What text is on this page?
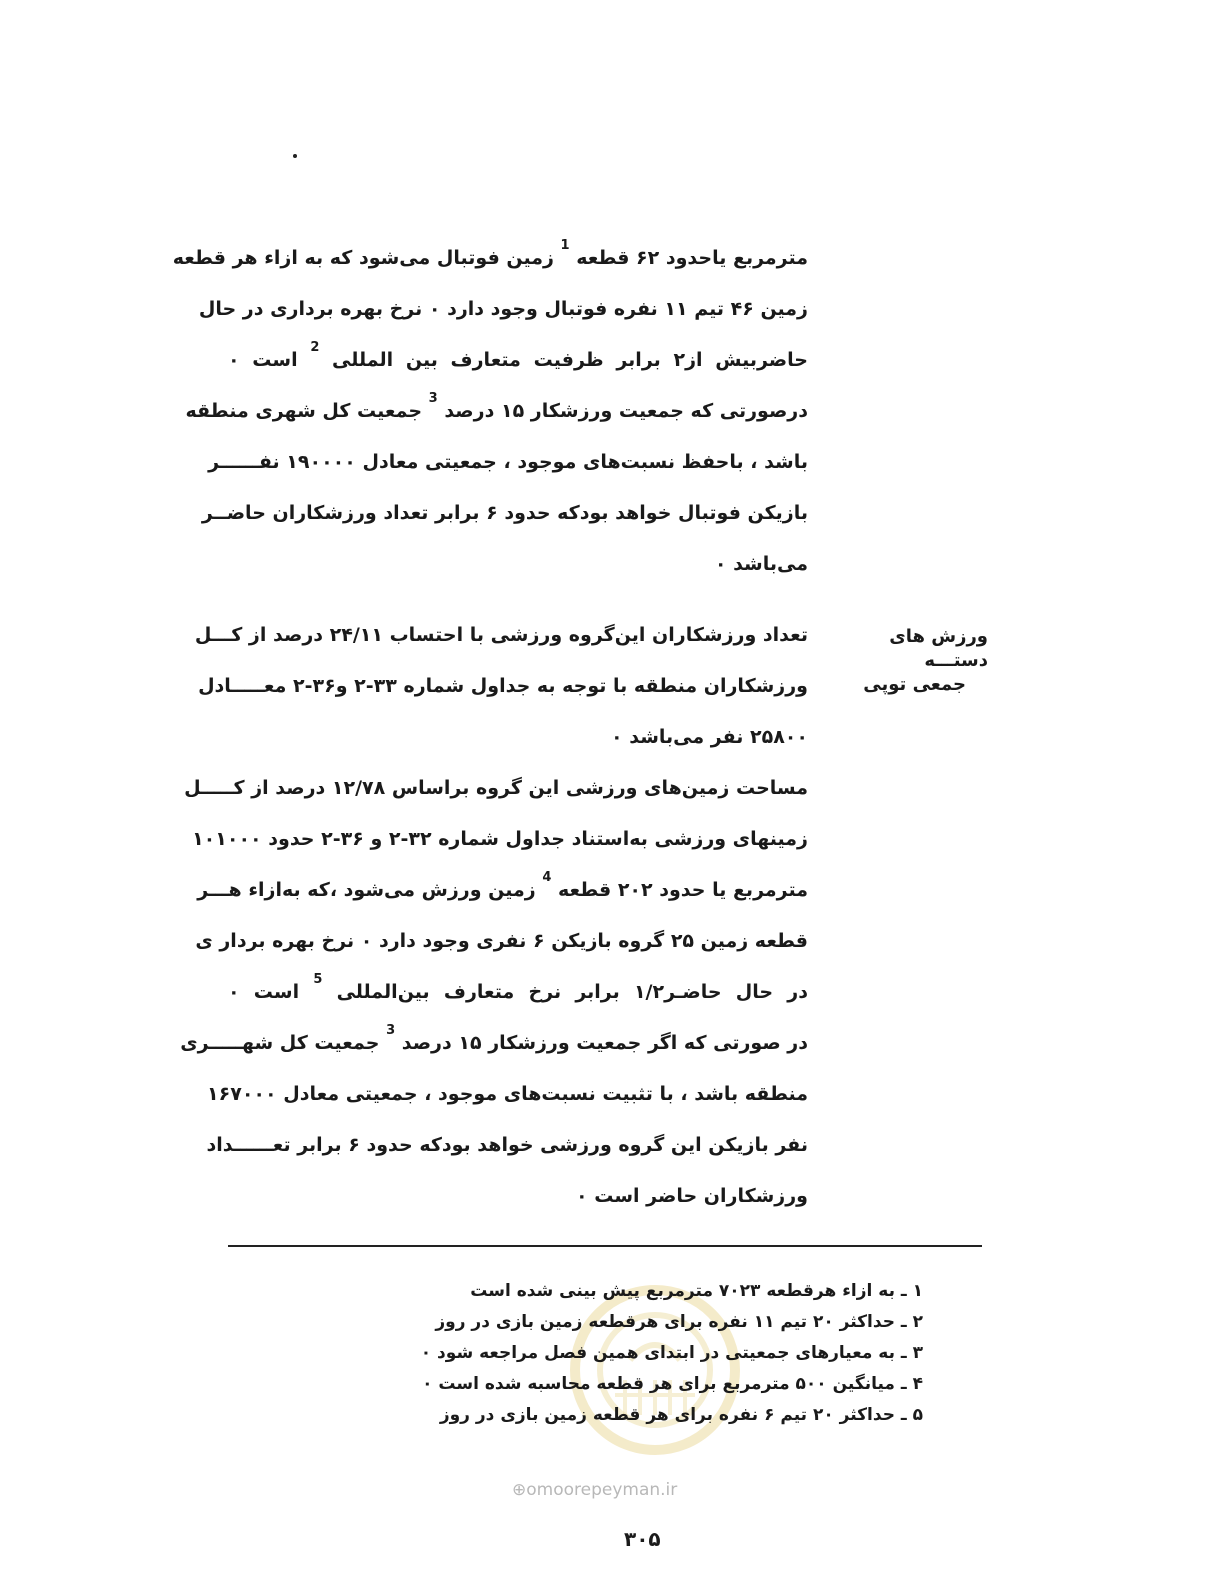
مترمربع یاحدود ۶۲ قطعه $^1$ زمین فوتبال می‌شود که به ازاء هر قطعه
زمین ۴۶ تیم ۱۱ نفره فوتبال وجود دارد ۰ نرخ بهره برداری در حال
حاضربیش از۲ برابر ظرفیت متعارف بین المللی $^2$ است ۰
درصورتی که جمعیت ورزشکار ۱۵ درصد $^3$ جمعیت کل شهری منطقه
باشد ، باحفظ نسبت‌های موجود ، جمعیتی معادل ۱۹۰۰۰۰ نفــــــر
بازیکن فوتبال خواهد بودکه حدود ۶ برابر تعداد ورزشکاران حاضــر
می‌باشد ۰
ورزش های دستـــه
جمعی توپی
تعداد ورزشکاران این‌گروه ورزشی با احتساب ۲۴/۱۱ درصد از کـــل
ورزشکاران منطقه با توجه به جداول شماره ۳۳-۲ و۳۶-۲ معـــــادل
۲۵۸۰۰ نفر می‌باشد ۰
مساحت زمین‌های ورزشی این گروه براساس ۱۲/۷۸ درصد از کـــــل
زمینهای ورزشی به‌استناد جداول شماره ۳۲-۲ و ۳۶-۲ حدود ۱۰۱۰۰۰
مترمربع یا حدود ۲۰۲ قطعه $^4$ زمین ورزش می‌شود ،که به‌ازاء هـــر
قطعه زمین ۲۵ گروه بازیکن ۶ نفری وجود دارد ۰ نرخ بهره بردار ی
در حال حاضـر۱/۲ برابر نرخ متعارف بین‌المللی $^5$ است ۰
در صورتی که اگر جمعیت ورزشکار ۱۵ درصد $^3$ جمعیت کل شهـــــری
منطقه باشد ، با تثبیت نسبت‌های موجود ، جمعیتی معادل ۱۶۷۰۰۰
نفر بازیکن این گروه ورزشی خواهد بودکه حدود ۶ برابر تعــــــداد
ورزشکاران حاضر است ۰
۱ ـ به ازاء هرقطعه ۷۰۲۳ مترمربع پیش بینی شده است
۲ ـ حداکثر ۲۰ تیم ۱۱ نفره برای هرقطعه زمین بازی در روز
۳ ـ به معیارهای جمعیتی در ابتدای همین فصل مراجعه شود ۰
۴ ـ میانگین ۵۰۰ مترمربع برای هر قطعه محاسبه شده است ۰
۵ ـ حداکثر ۲۰ تیم ۶ نفره برای هر قطعه زمین بازی در روز
⊕omoorepeyman.ir
۳۰۵
